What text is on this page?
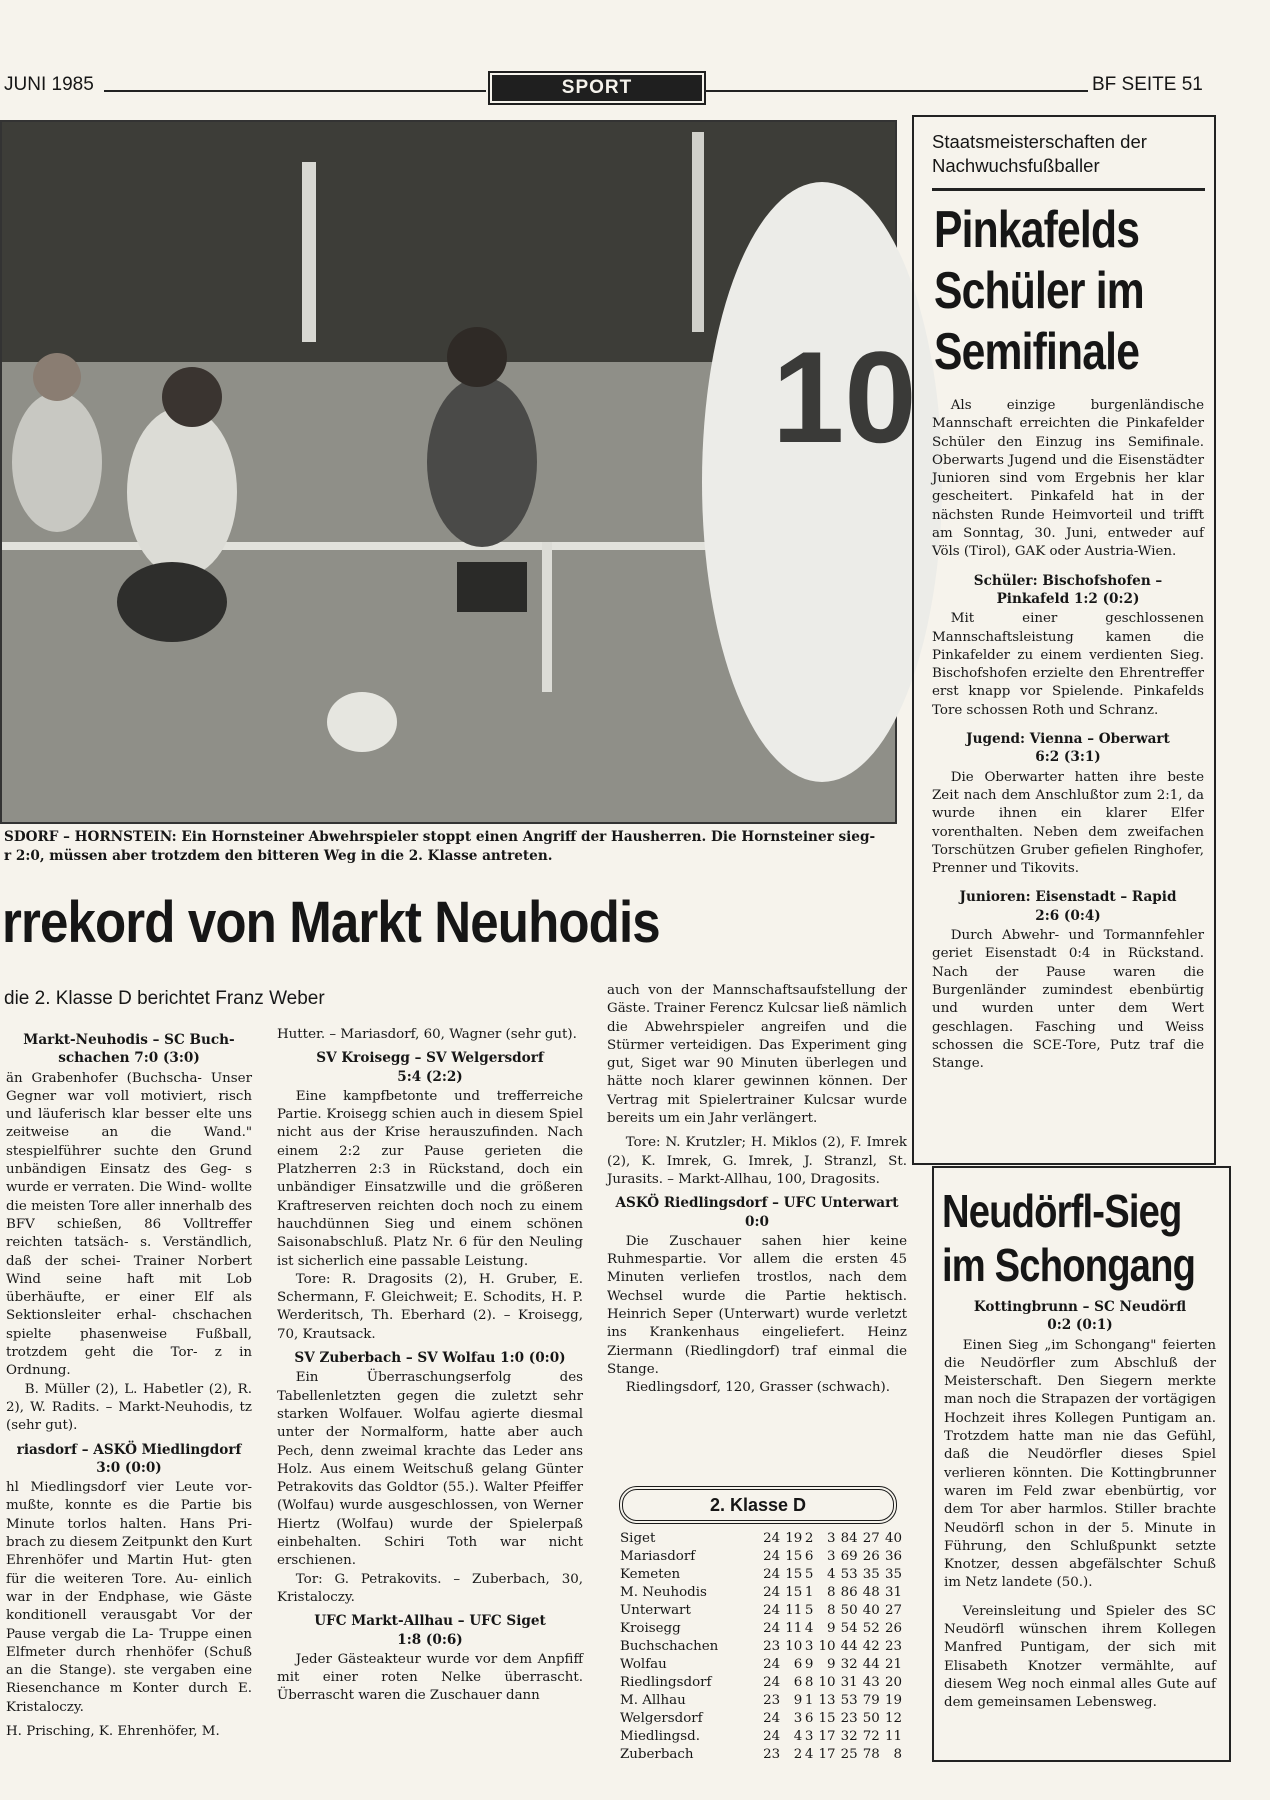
JUNI 1985	SPORT	BF SEITE 51
10
SDORF – HORNSTEIN: Ein Hornsteiner Abwehrspieler stoppt einen Angriff der Hausherren. Die Hornsteiner sieg-
r 2:0, müssen aber trotzdem den bitteren Weg in die 2. Klasse antreten.
rrekord von Markt Neuhodis
die 2. Klasse D berichtet Franz Weber
Markt-Neuhodis – SC Buch-
schachen 7:0 (3:0)

än Grabenhofer (Buchscha- Unser Gegner war voll motiviert, risch und läuferisch klar besser elte uns zeitweise an die Wand." stespielführer suchte den Grund unbändigen Einsatz des Geg- s wurde er verraten. Die Wind- wollte die meisten Tore aller innerhalb des BFV schießen, 86 Volltreffer reichten tatsäch- s. Verständlich, daß der schei- Trainer Norbert Wind seine haft mit Lob überhäufte, er einer Elf als Sektionsleiter erhal- chschachen spielte phasenweise Fußball, trotzdem geht die Tor- z in Ordnung.

B. Müller (2), L. Habetler (2), R. 2), W. Radits. – Markt-Neuhodis, tz (sehr gut).

riasdorf – ASKÖ Miedlingdorf
3:0 (0:0)

hl Miedlingsdorf vier Leute vor- mußte, konnte es die Partie bis Minute torlos halten. Hans Pri- brach zu diesem Zeitpunkt den Kurt Ehrenhöfer und Martin Hut- gten für die weiteren Tore. Au- einlich war in der Endphase, wie Gäste konditionell verausgabt Vor der Pause vergab die La- Truppe einen Elfmeter durch rhenhöfer (Schuß an die Stange). ste vergaben eine Riesenchance m Konter durch E. Kristaloczy.

H. Prisching, K. Ehrenhöfer, M.

Hutter. – Mariasdorf, 60, Wagner (sehr gut).

SV Kroisegg – SV Welgersdorf
5:4 (2:2)

Eine kampfbetonte und trefferreiche Partie. Kroisegg schien auch in diesem Spiel nicht aus der Krise herauszufinden. Nach einem 2:2 zur Pause gerieten die Platzherren 2:3 in Rückstand, doch ein unbändiger Einsatzwille und die größeren Kraftreserven reichten doch noch zu einem hauchdünnen Sieg und einem schönen Saisonabschluß. Platz Nr. 6 für den Neuling ist sicherlich eine passable Leistung.

Tore: R. Dragosits (2), H. Gruber, E. Schermann, F. Gleichweit; E. Schodits, H. P. Werderitsch, Th. Eberhard (2). – Kroisegg, 70, Krautsack.

SV Zuberbach – SV Wolfau 1:0 (0:0)

Ein Überraschungserfolg des Tabellenletzten gegen die zuletzt sehr starken Wolfauer. Wolfau agierte diesmal unter der Normalform, hatte aber auch Pech, denn zweimal krachte das Leder ans Holz. Aus einem Weitschuß gelang Günter Petrakovits das Goldtor (55.). Walter Pfeiffer (Wolfau) wurde ausgeschlossen, von Werner Hiertz (Wolfau) wurde der Spielerpaß einbehalten. Schiri Toth war nicht erschienen.

Tor: G. Petrakovits. – Zuberbach, 30, Kristaloczy.

UFC Markt-Allhau – UFC Siget
1:8 (0:6)

Jeder Gästeakteur wurde vor dem Anpfiff mit einer roten Nelke überrascht. Überrascht waren die Zuschauer dann

auch von der Mannschaftsaufstellung der Gäste. Trainer Ferencz Kulcsar ließ nämlich die Abwehrspieler angreifen und die Stürmer verteidigen. Das Experiment ging gut, Siget war 90 Minuten überlegen und hätte noch klarer gewinnen können. Der Vertrag mit Spielertrainer Kulcsar wurde bereits um ein Jahr verlängert.

Tore: N. Krutzler; H. Miklos (2), F. Imrek (2), K. Imrek, G. Imrek, J. Stranzl, St. Jurasits. – Markt-Allhau, 100, Dragosits.

ASKÖ Riedlingsdorf – UFC Unterwart
0:0

Die Zuschauer sahen hier keine Ruhmespartie. Vor allem die ersten 45 Minuten verliefen trostlos, nach dem Wechsel wurde die Partie hektisch. Heinrich Seper (Unterwart) wurde verletzt ins Krankenhaus eingeliefert. Heinz Ziermann (Riedlingdorf) traf einmal die Stange.

Riedlingsdorf, 120, Grasser (schwach).

2. Klasse D
Siget	24	19	2	3	84	27	40
Mariasdorf	24	15	6	3	69	26	36
Kemeten	24	15	5	4	53	35	35
M. Neuhodis	24	15	1	8	86	48	31
Unterwart	24	11	5	8	50	40	27
Kroisegg	24	11	4	9	54	52	26
Buchschachen	23	10	3	10	44	42	23
Wolfau	24	6	9	9	32	44	21
Riedlingsdorf	24	6	8	10	31	43	20
M. Allhau	23	9	1	13	53	79	19
Welgersdorf	24	3	6	15	23	50	12
Miedlingsd.	24	4	3	17	32	72	11
Zuberbach	23	2	4	17	25	78	8
Staatsmeisterschaften der Nachwuchsfußballer
Pinkafelds
Schüler im
Semifinale

Als einzige burgenländische Mannschaft erreichten die Pinkafelder Schüler den Einzug ins Semifinale. Oberwarts Jugend und die Eisenstädter Junioren sind vom Ergebnis her klar gescheitert. Pinkafeld hat in der nächsten Runde Heimvorteil und trifft am Sonntag, 30. Juni, entweder auf Völs (Tirol), GAK oder Austria-Wien.

Schüler: Bischofshofen –
Pinkafeld 1:2 (0:2)

Mit einer geschlossenen Mannschaftsleistung kamen die Pinkafelder zu einem verdienten Sieg. Bischofshofen erzielte den Ehrentreffer erst knapp vor Spielende. Pinkafelds Tore schossen Roth und Schranz.

Jugend: Vienna – Oberwart
6:2 (3:1)

Die Oberwarter hatten ihre beste Zeit nach dem Anschlußtor zum 2:1, da wurde ihnen ein klarer Elfer vorenthalten. Neben dem zweifachen Torschützen Gruber gefielen Ringhofer, Prenner und Tikovits.

Junioren: Eisenstadt – Rapid
2:6 (0:4)

Durch Abwehr- und Tormannfehler geriet Eisenstadt 0:4 in Rückstand. Nach der Pause waren die Burgenländer zumindest ebenbürtig und wurden unter dem Wert geschlagen. Fasching und Weiss schossen die SCE-Tore, Putz traf die Stange.

Neudörfl-Sieg
im Schongang
Kottingbrunn – SC Neudörfl
0:2 (0:1)

Einen Sieg „im Schongang" feierten die Neudörfler zum Abschluß der Meisterschaft. Den Siegern merkte man noch die Strapazen der vortägigen Hochzeit ihres Kollegen Puntigam an. Trotzdem hatte man nie das Gefühl, daß die Neudörfler dieses Spiel verlieren könnten. Die Kottingbrunner waren im Feld zwar ebenbürtig, vor dem Tor aber harmlos. Stiller brachte Neudörfl schon in der 5. Minute in Führung, den Schlußpunkt setzte Knotzer, dessen abgefälschter Schuß im Netz landete (50.).

Vereinsleitung und Spieler des SC Neudörfl wünschen ihrem Kollegen Manfred Puntigam, der sich mit Elisabeth Knotzer vermählte, auf diesem Weg noch einmal alles Gute auf dem gemeinsamen Lebensweg.
